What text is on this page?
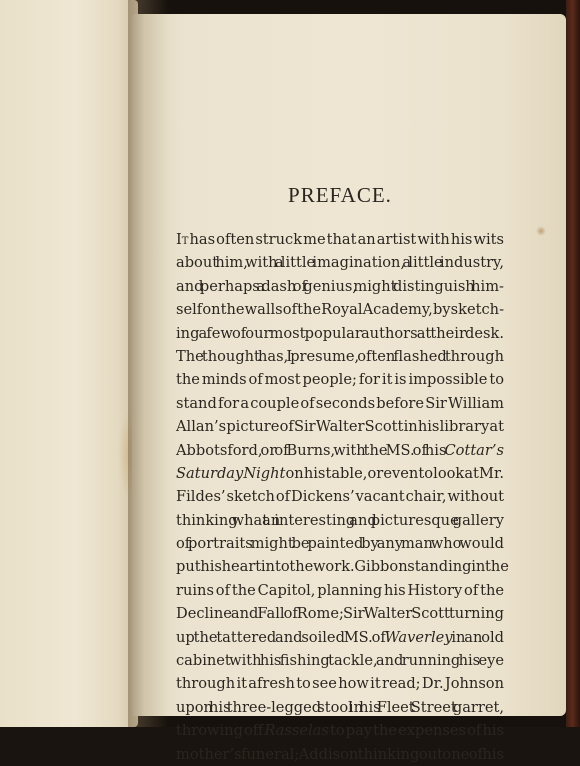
PREFACE.
It has often struck me that an artist with his wits
about him, with a little imagination, a little industry,
and perhaps a dash of genius, might distinguish him-
self on the walls of the Royal Academy, by sketch-
ing a few of our most popular authors at their desk.
The thought has, I presume, often flashed through
the minds of most people; for it is impossible to
stand for a couple of seconds before Sir William
Allan’s picture of Sir Walter Scott in his library at
Abbotsford, or of Burns, with the MS. of his Cottar’s
Saturday Night on his table, or even to look at Mr.
Fildes’ sketch of Dickens’ vacant chair, without
thinking what an interesting and picturesque gallery
of portraits might be painted by any man who would
put his heart into the work. Gibbon standing in the
ruins of the Capitol, planning his History of the
Decline and Fall of Rome; Sir Walter Scott turning
up the tattered and soiled MS. of Waverley in an old
cabinet with his fishing tackle, and running his eye
through it afresh to see how it read; Dr. Johnson
upon his three-legged stool in his Fleet Street garret,
throwing off Rasselas to pay the expenses of his
mother’s funeral; Addison thinking out one of his
